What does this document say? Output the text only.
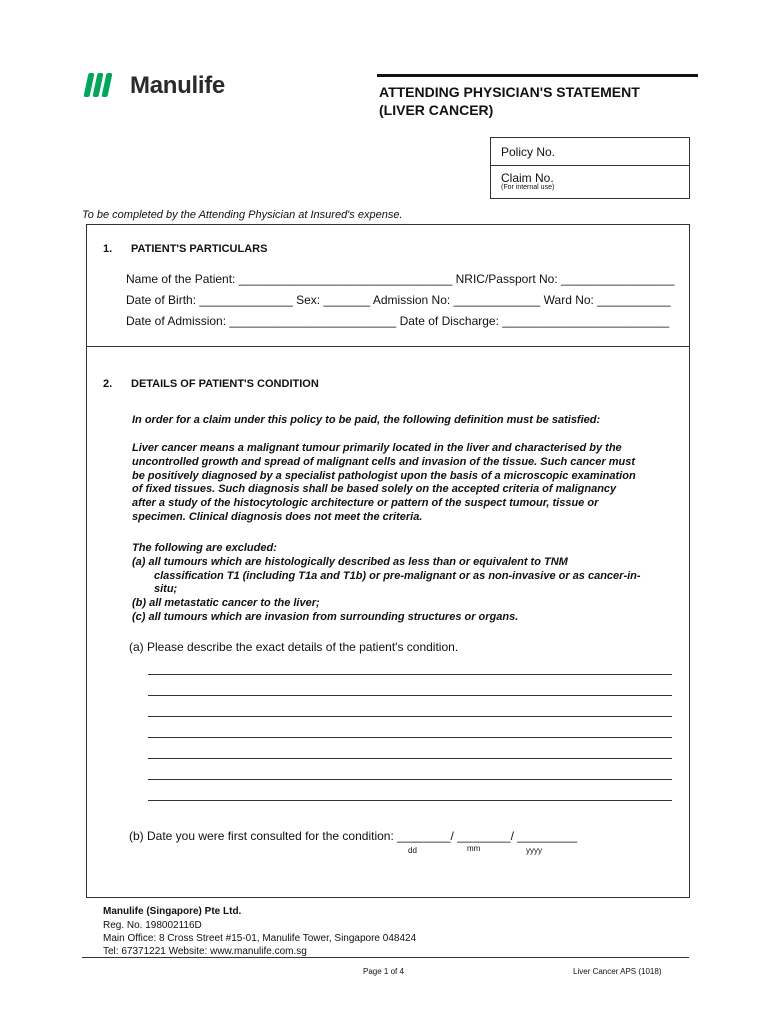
Manulife	ATTENDING PHYSICIAN'S STATEMENT
(LIVER CANCER)
Policy No.
Claim No.
(For internal use)
To be completed by the Attending Physician at Insured's expense.
1. PATIENT'S PARTICULARS
Name of the Patient: ________________________________ NRIC/Passport No: _________________
Date of Birth: ______________ Sex: _______ Admission No: _____________ Ward No: ___________
Date of Admission: _________________________ Date of Discharge: _________________________
2. DETAILS OF PATIENT'S CONDITION
In order for a claim under this policy to be paid, the following definition must be satisfied:
Liver cancer means a malignant tumour primarily located in the liver and characterised by the
uncontrolled growth and spread of malignant cells and invasion of the tissue. Such cancer must
be positively diagnosed by a specialist pathologist upon the basis of a microscopic examination
of fixed tissues. Such diagnosis shall be based solely on the accepted criteria of malignancy
after a study of the histocytologic architecture or pattern of the suspect tumour, tissue or
specimen. Clinical diagnosis does not meet the criteria.
The following are excluded:
(a) all tumours which are histologically described as less than or equivalent to TNM
classification T1 (including T1a and T1b) or pre-malignant or as non-invasive or as cancer-in-
situ;
(b) all metastatic cancer to the liver;
(c) all tumours which are invasion from surrounding structures or organs.
(a) Please describe the exact details of the patient's condition.
(b) Date you were first consulted for the condition: ________/ ________/ _________
dd	mm	yyyy
Manulife (Singapore) Pte Ltd.
Reg. No. 198002116D
Main Office: 8 Cross Street #15-01, Manulife Tower, Singapore 048424
Tel: 67371221 Website: www.manulife.com.sg
Page 1 of 4	Liver Cancer APS (1018)
